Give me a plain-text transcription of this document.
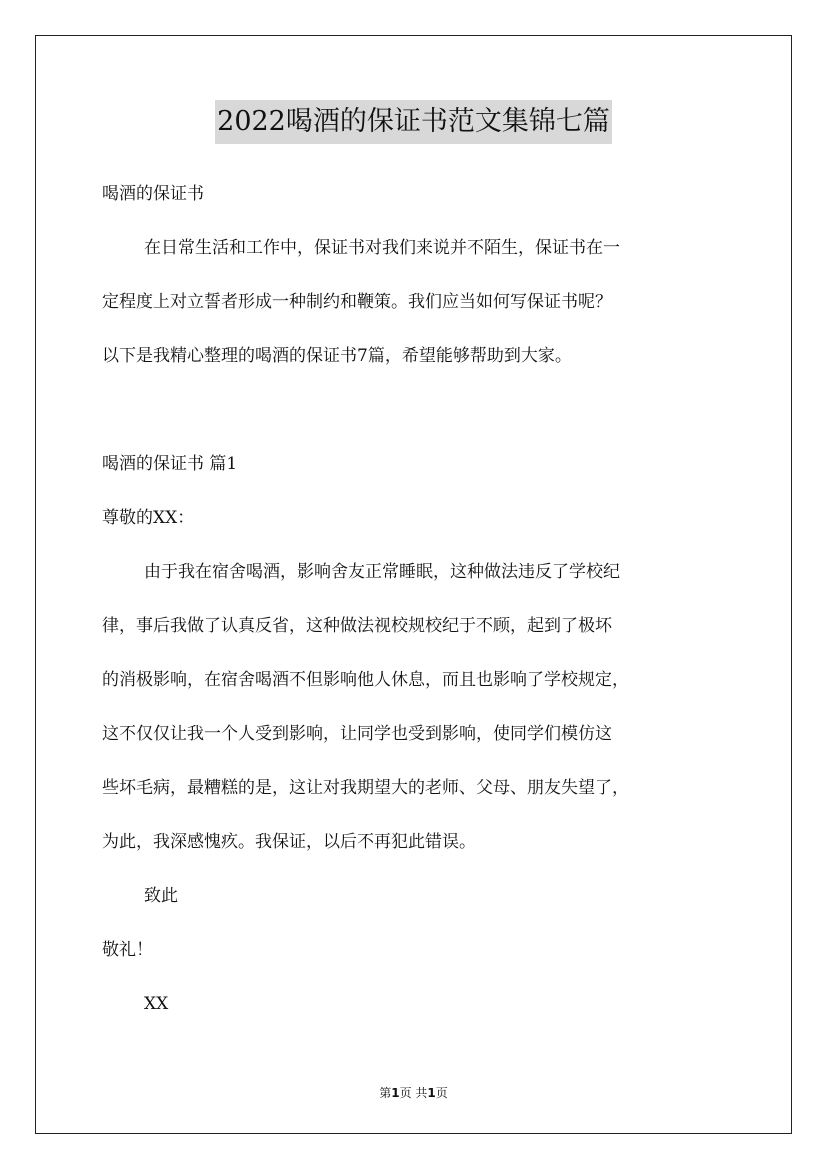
2022喝酒的保证书范文集锦七篇
喝酒的保证书
在日常生活和工作中，保证书对我们来说并不陌生，保证书在一
定程度上对立誓者形成一种制约和鞭策。我们应当如何写保证书呢？
以下是我精心整理的喝酒的保证书7篇，希望能够帮助到大家。
喝酒的保证书 篇1
尊敬的XX：
由于我在宿舍喝酒，影响舍友正常睡眠，这种做法违反了学校纪
律，事后我做了认真反省，这种做法视校规校纪于不顾，起到了极坏
的消极影响，在宿舍喝酒不但影响他人休息，而且也影响了学校规定，
这不仅仅让我一个人受到影响，让同学也受到影响，使同学们模仿这
些坏毛病，最糟糕的是，这让对我期望大的老师、父母、朋友失望了，
为此，我深感愧疚。我保证，以后不再犯此错误。
致此
敬礼！
XX
第1页 共1页
